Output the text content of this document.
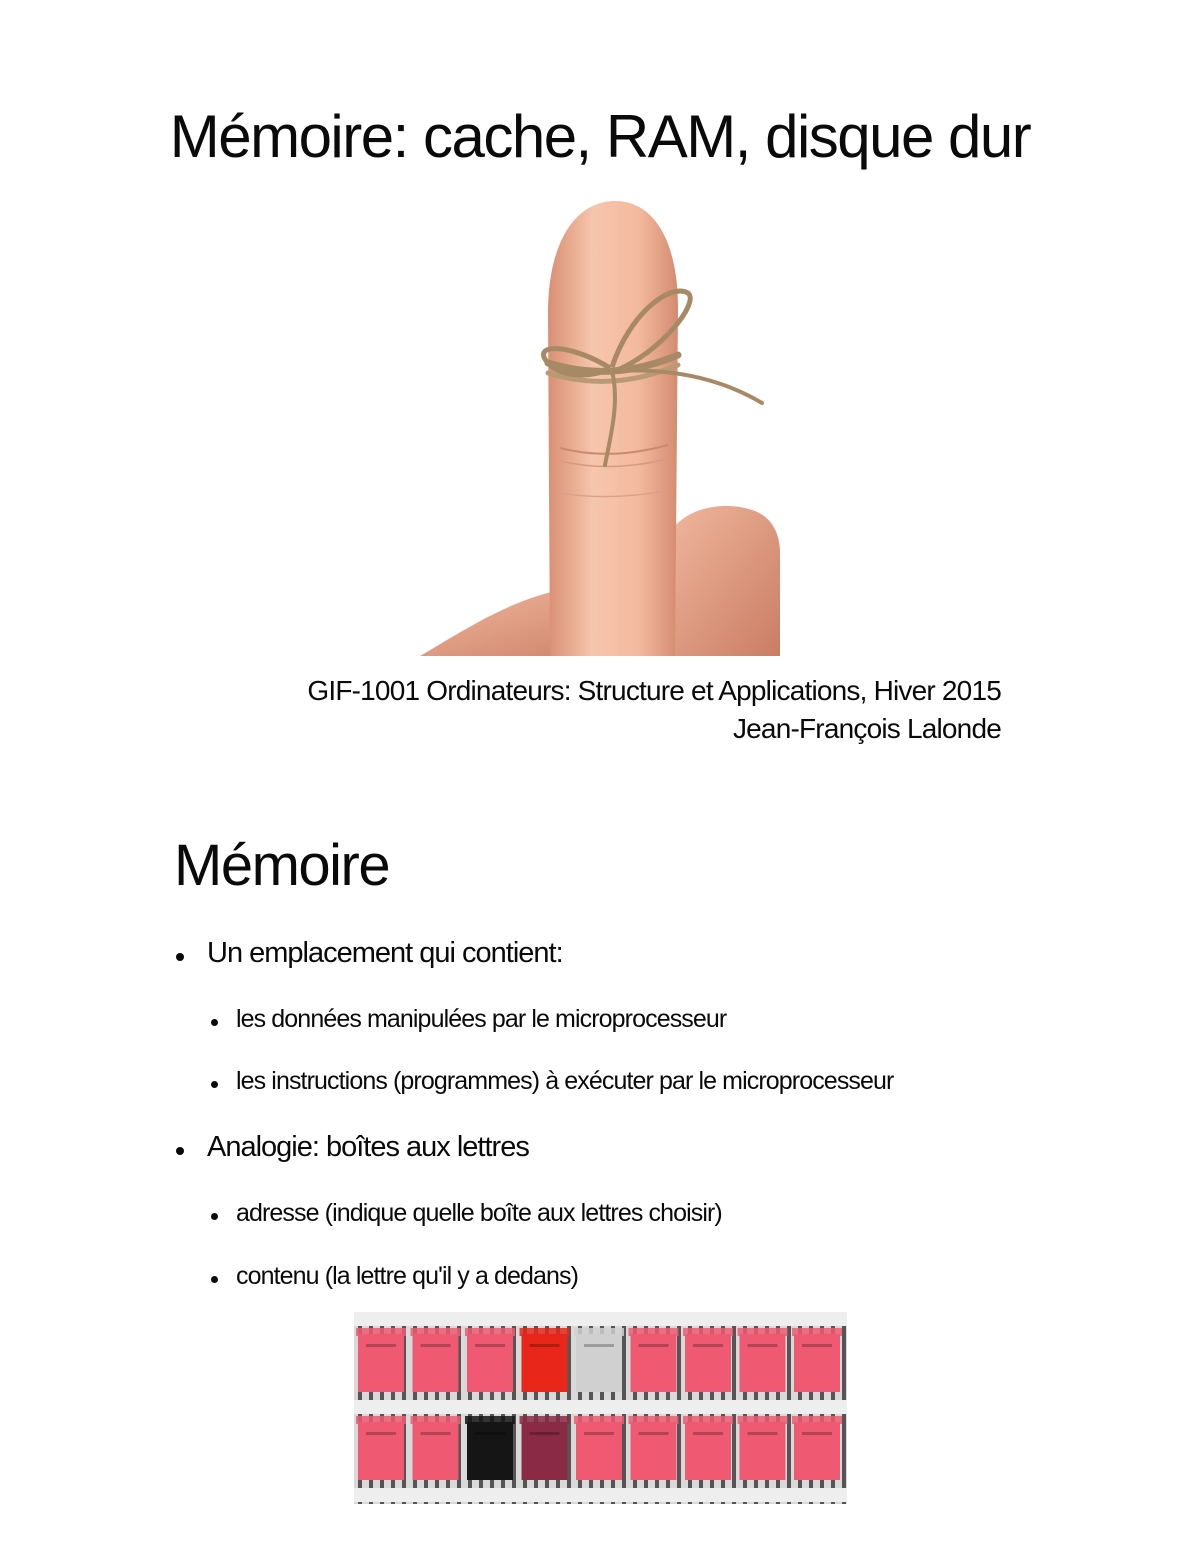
Mémoire: cache, RAM, disque dur
GIF-1001 Ordinateurs: Structure et Applications, Hiver 2015
Jean-François Lalonde
Mémoire
Un emplacement qui contient:
les données manipulées par le microprocesseur
les instructions (programmes) à exécuter par le microprocesseur
Analogie: boîtes aux lettres
adresse (indique quelle boîte aux lettres choisir)
contenu (la lettre qu'il y a dedans)
